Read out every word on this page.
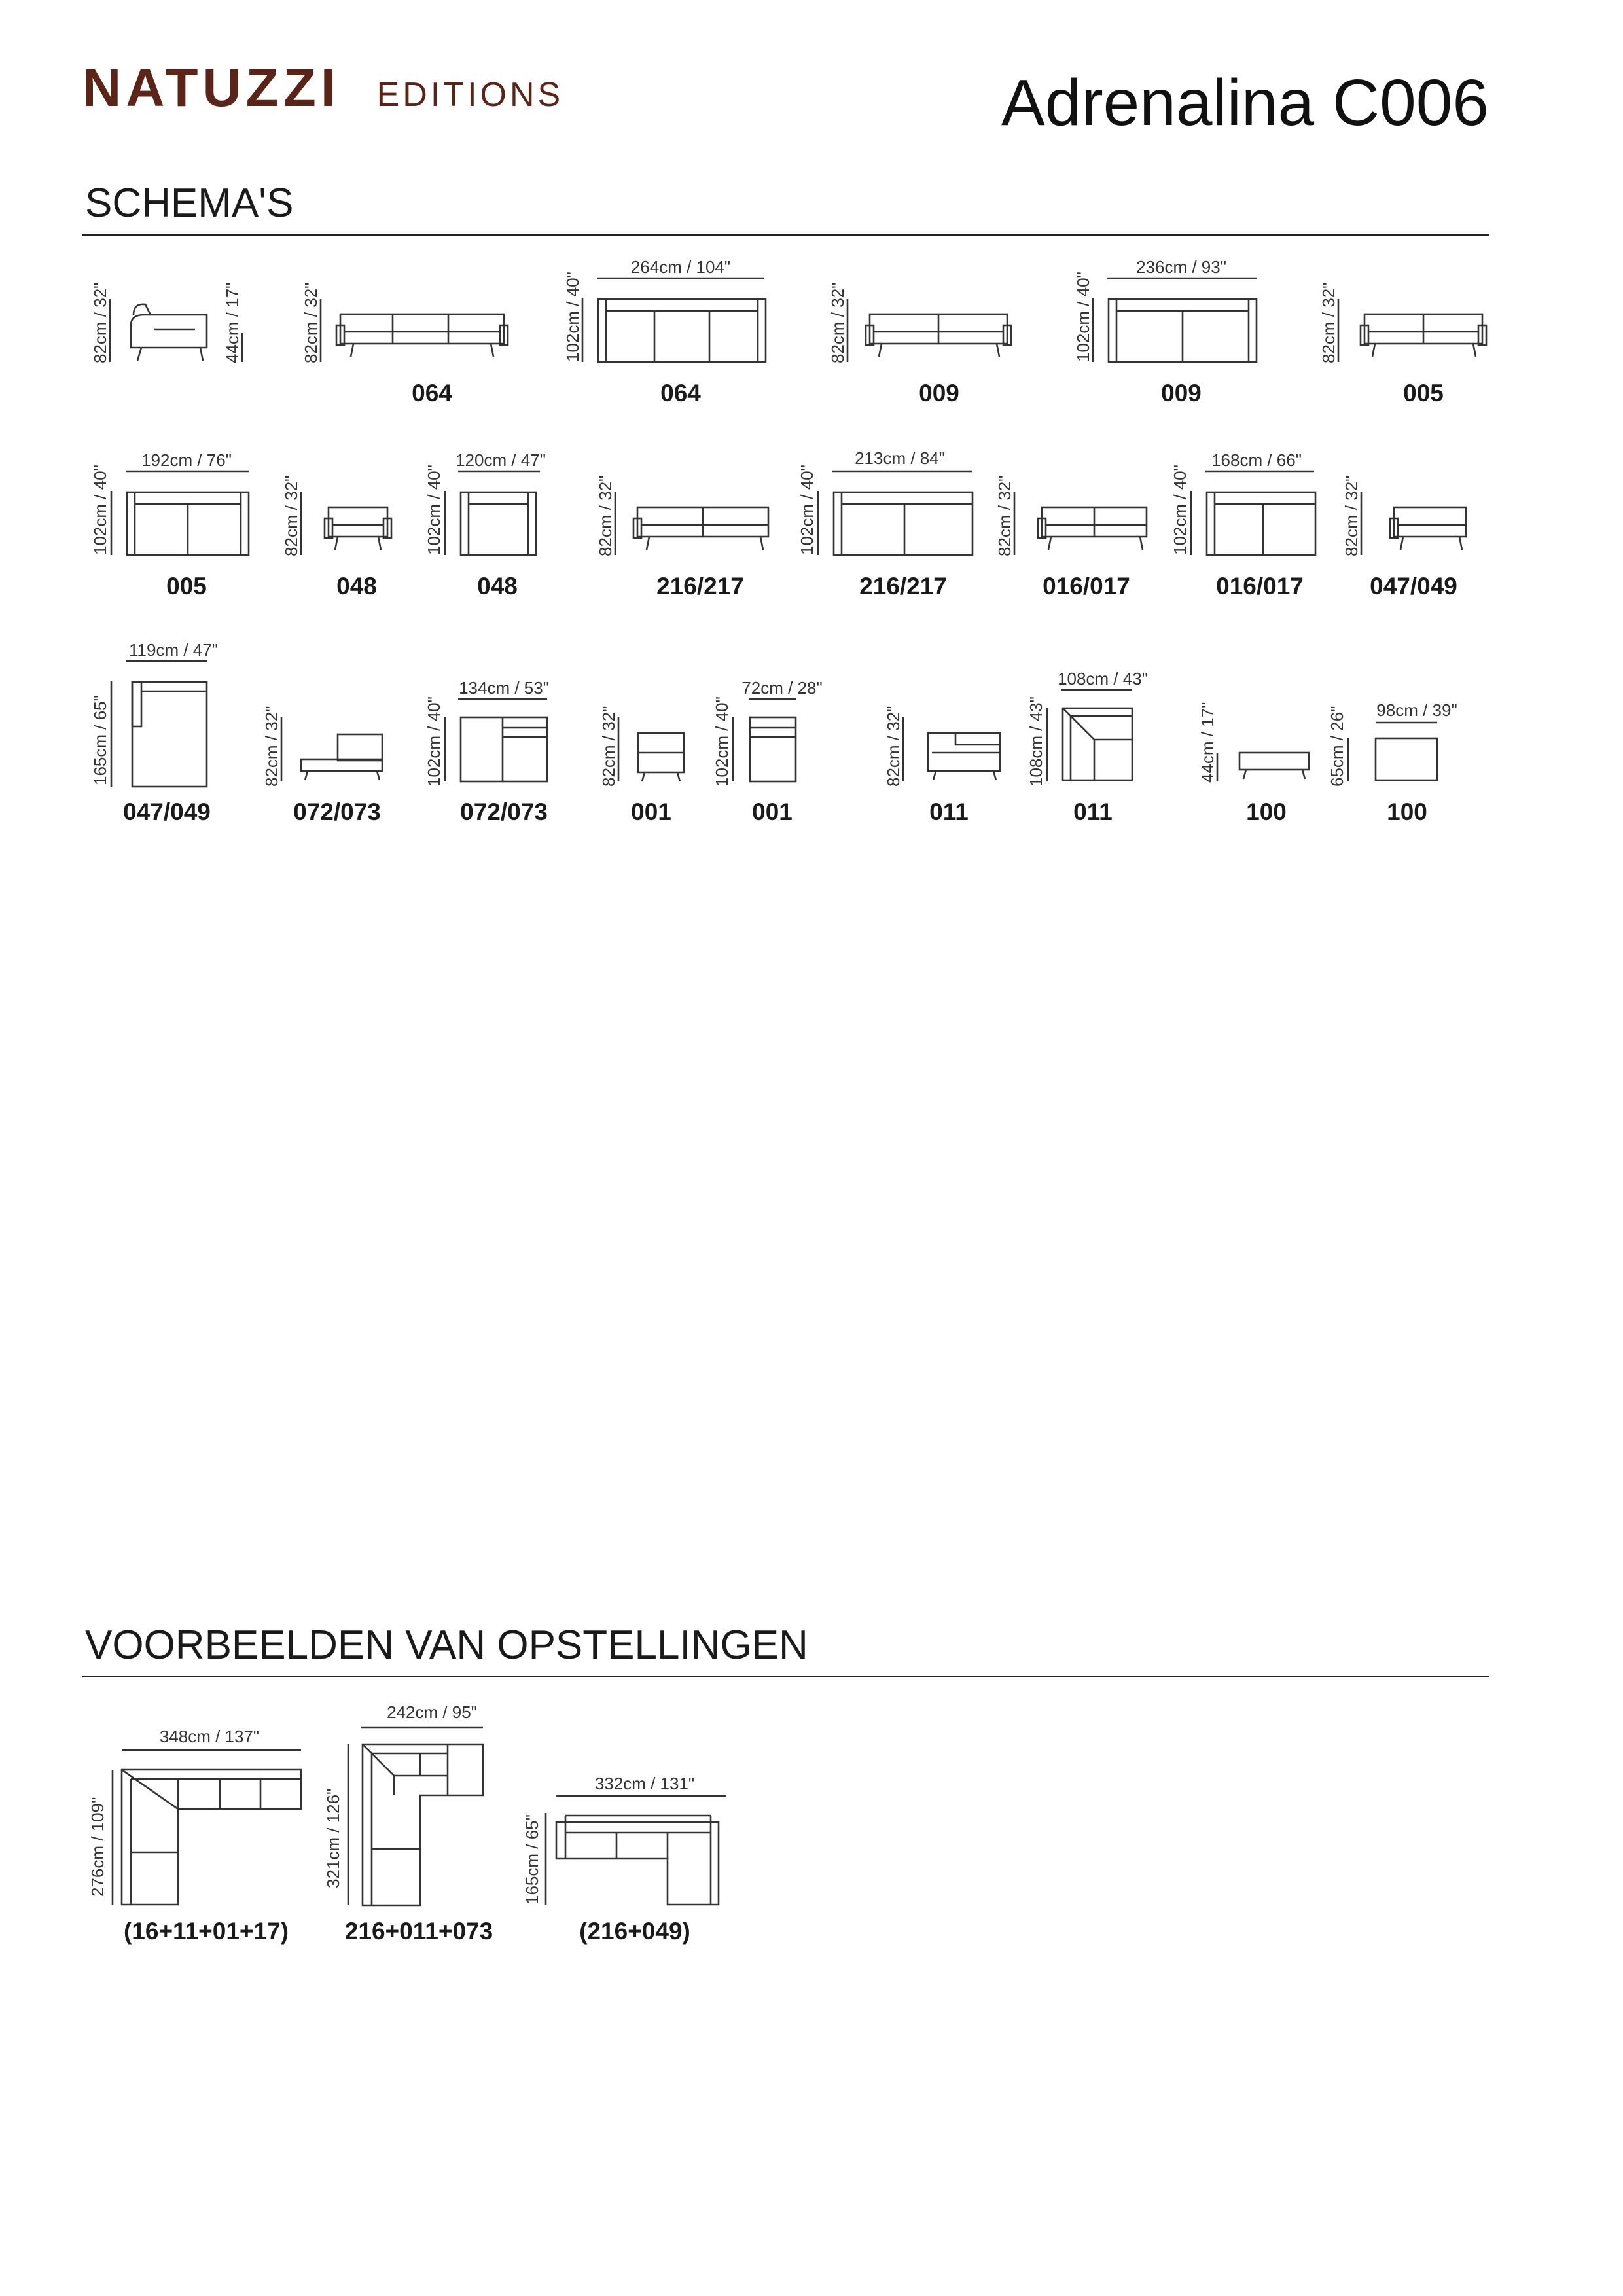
NATUZZI EDITIONS	Adrenalina C006
SCHEMA'S
82cm / 32"	44cm / 17"	82cm / 32"
064
264cm / 104"
102cm / 40"
064
82cm / 32"
009
236cm / 93"
102cm / 40"
009
82cm / 32"
005
192cm / 76"
102cm / 40"
005
82cm / 32"
048
120cm / 47"
102cm / 40"
048
82cm / 32"
216/217
213cm / 84"
102cm / 40"
216/217
82cm / 32"
016/017
168cm / 66"
102cm / 40"
016/017
82cm / 32"
047/049
119cm / 47"
165cm / 65"
047/049
82cm / 32"
072/073
134cm / 53"
102cm / 40"
072/073
82cm / 32"
001
72cm / 28"
102cm / 40"
001
82cm / 32"
011
108cm / 43"
108cm / 43"
011
44cm / 17"
100
98cm / 39"
65cm / 26"
100
VOORBEELDEN VAN OPSTELLINGEN
348cm / 137"
276cm / 109"
(16+11+01+17)
242cm / 95"
321cm / 126"
216+011+073
332cm / 131"
165cm / 65"
(216+049)
